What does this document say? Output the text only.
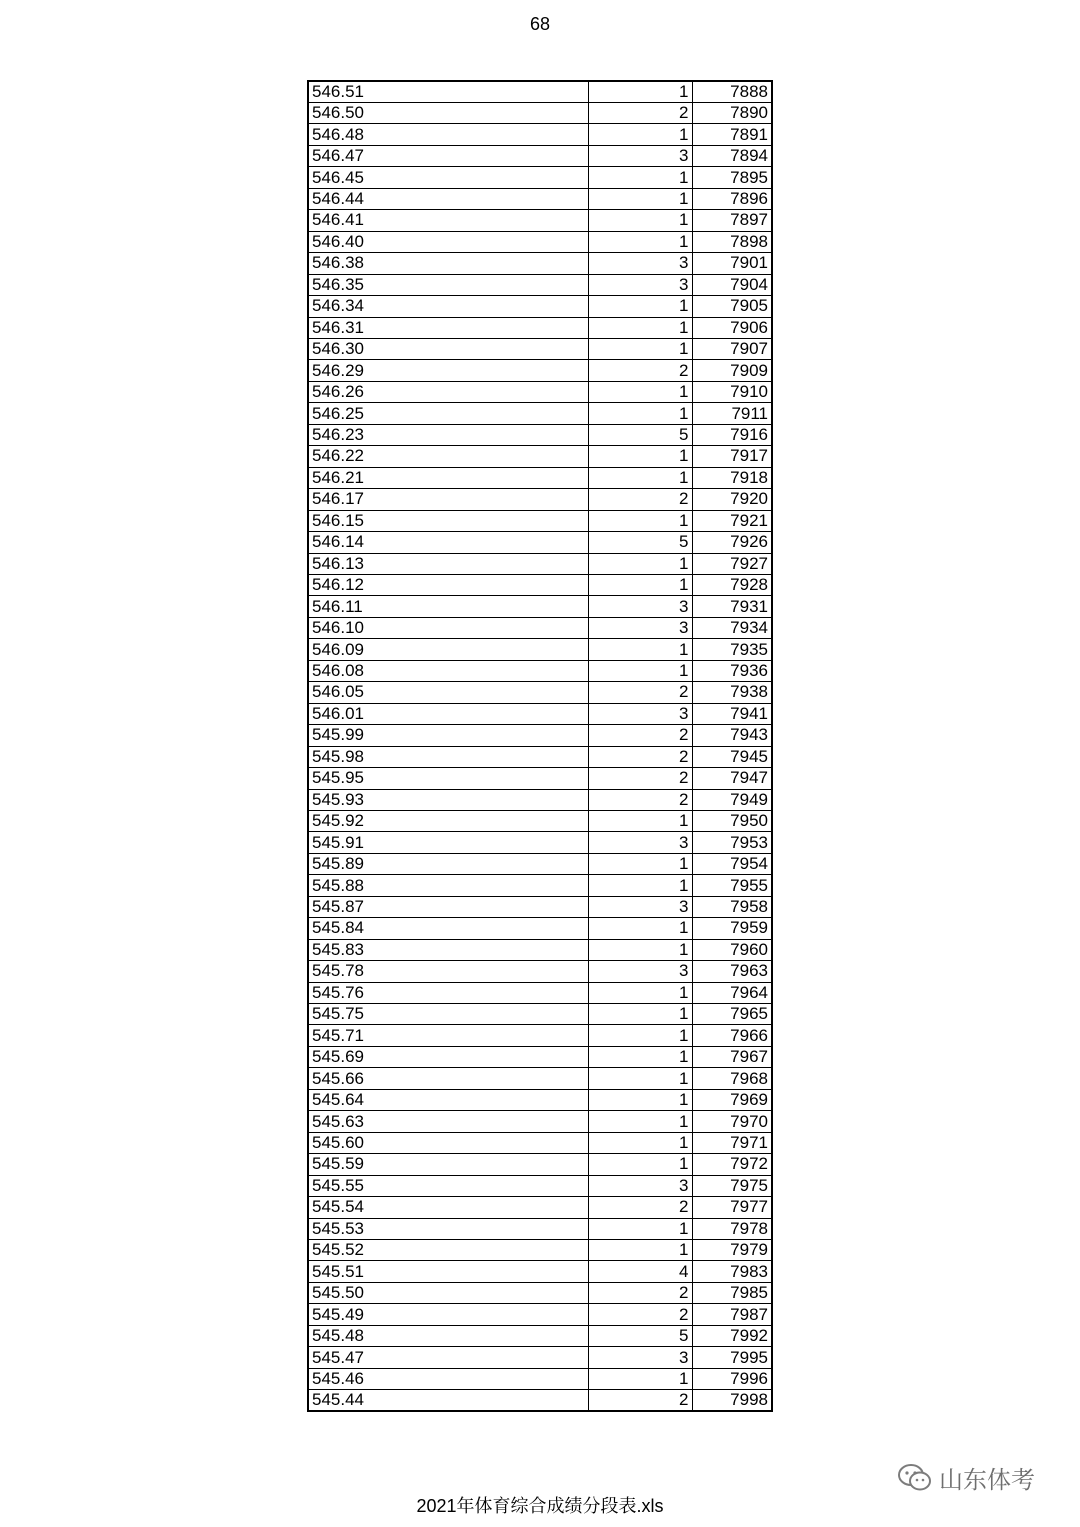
68
546.51	1	7888
546.50	2	7890
546.48	1	7891
546.47	3	7894
546.45	1	7895
546.44	1	7896
546.41	1	7897
546.40	1	7898
546.38	3	7901
546.35	3	7904
546.34	1	7905
546.31	1	7906
546.30	1	7907
546.29	2	7909
546.26	1	7910
546.25	1	7911
546.23	5	7916
546.22	1	7917
546.21	1	7918
546.17	2	7920
546.15	1	7921
546.14	5	7926
546.13	1	7927
546.12	1	7928
546.11	3	7931
546.10	3	7934
546.09	1	7935
546.08	1	7936
546.05	2	7938
546.01	3	7941
545.99	2	7943
545.98	2	7945
545.95	2	7947
545.93	2	7949
545.92	1	7950
545.91	3	7953
545.89	1	7954
545.88	1	7955
545.87	3	7958
545.84	1	7959
545.83	1	7960
545.78	3	7963
545.76	1	7964
545.75	1	7965
545.71	1	7966
545.69	1	7967
545.66	1	7968
545.64	1	7969
545.63	1	7970
545.60	1	7971
545.59	1	7972
545.55	3	7975
545.54	2	7977
545.53	1	7978
545.52	1	7979
545.51	4	7983
545.50	2	7985
545.49	2	7987
545.48	5	7992
545.47	3	7995
545.46	1	7996
545.44	2	7998
2021年体育综合成绩分段表.xls
山东体考
